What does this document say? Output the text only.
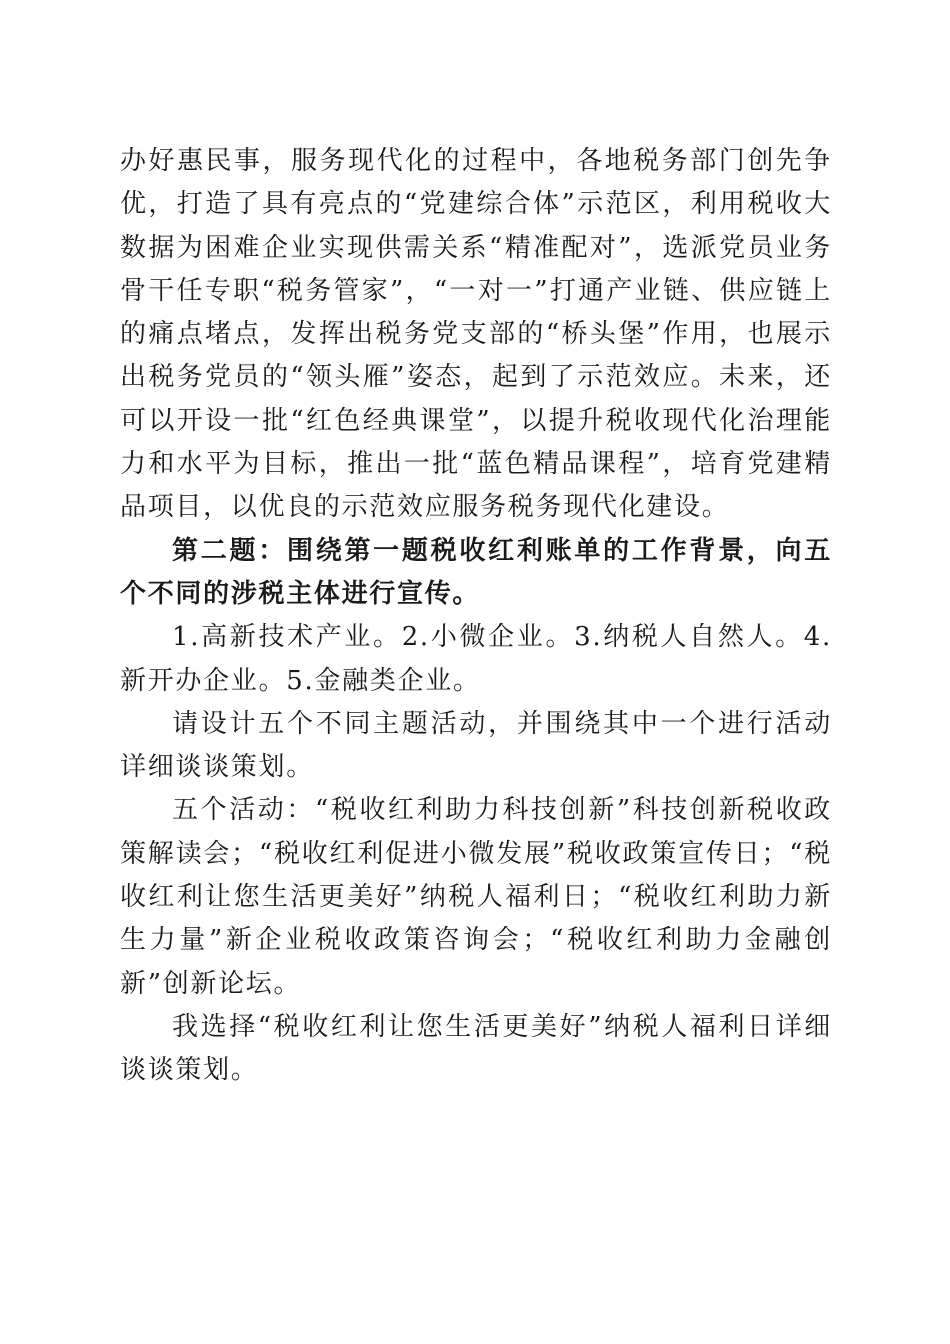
办好惠民事，服务现代化的过程中，各地税务部门创先争优，打造了具有亮点的“党建综合体”示范区，利用税收大数据为困难企业实现供需关系“精准配对”，选派党员业务骨干任专职“税务管家”，“一对一”打通产业链、供应链上的痛点堵点，发挥出税务党支部的“桥头堡”作用，也展示出税务党员的“领头雁”姿态，起到了示范效应。未来，还可以开设一批“红色经典课堂”，以提升税收现代化治理能力和水平为目标，推出一批“蓝色精品课程”，培育党建精品项目，以优良的示范效应服务税务现代化建设。

第二题：围绕第一题税收红利账单的工作背景，向五个不同的涉税主体进行宣传。

1.高新技术产业。2.小微企业。3.纳税人自然人。4.新开办企业。5.金融类企业。

请设计五个不同主题活动，并围绕其中一个进行活动详细谈谈策划。

五个活动：“税收红利助力科技创新”科技创新税收政策解读会；“税收红利促进小微发展”税收政策宣传日；“税收红利让您生活更美好”纳税人福利日；“税收红利助力新生力量”新企业税收政策咨询会；“税收红利助力金融创新”创新论坛。

我选择“税收红利让您生活更美好”纳税人福利日详细谈谈策划。
